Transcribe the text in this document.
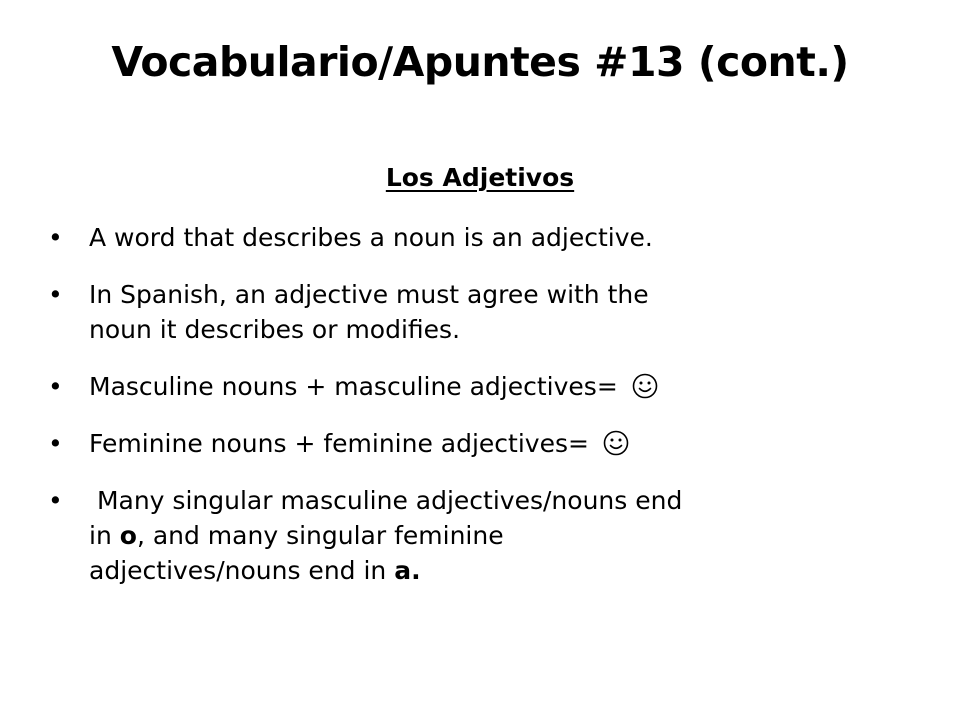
Vocabulario/Apuntes #13 (cont.)
Los Adjetivos
• A word that describes a noun is an adjective.
• In Spanish, an adjective must agree with the
noun it describes or modifies.
• Masculine nouns + masculine adjectives=
• Feminine nouns + feminine adjectives=
• Many singular masculine adjectives/nouns end
in o, and many singular feminine
adjectives/nouns end in a.
